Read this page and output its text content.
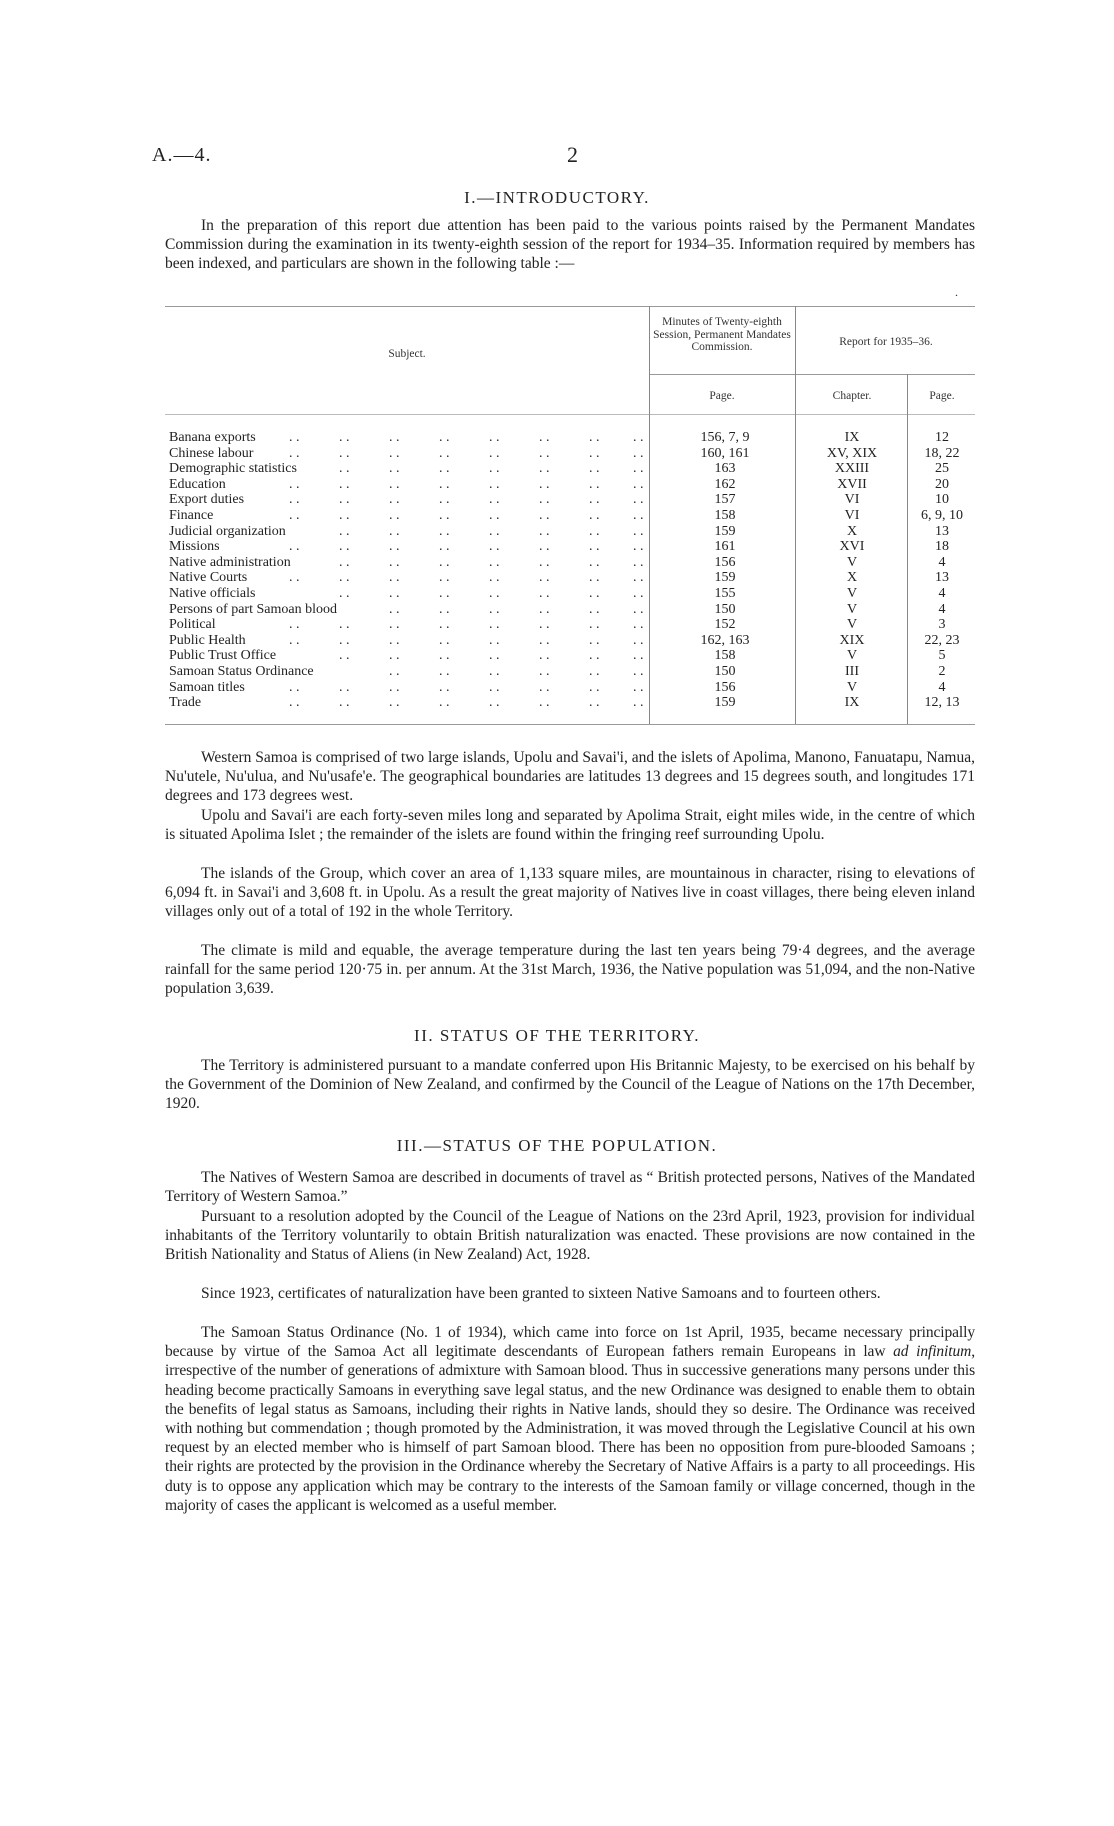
A.—4.	2
I.—INTRODUCTORY.

In the preparation of this report due attention has been paid to the various points raised by the Permanent Mandates Commission during the examination in its twenty-eighth session of the report for 1934–35. Information required by members has been indexed, and particulars are shown in the following table :—

.
Subject.
Minutes of Twenty-eighth Session, Permanent Mandates Commission.	Report for 1935–36.
Page.	Chapter.	Page.
Banana exports . .	. .	. .	. .	. .	. .	. . . .	156, 7, 9	IX	12
Chinese labour	. .	. .	. .	. .	. .	. .	. . . .	160, 161	XV, XIX	18, 22
Demographic statistics	. .	. .	. .	. .	. .	. . . .	163	XXIII	25
Education	. .	. .	. .	. .	. .	. .	. . . .	162	XVII	20
Export duties	. .	. .	. .	. .	. .	. .	. . . .	157	VI	10
Finance	. .	. .	. .	. .	. .	. .	. . . .	158	VI	6, 9, 10
Judicial organization	. .	. .	. .	. .	. .	. . . .	159	X	13
Missions	. .	. .	. .	. .	. .	. .	. . . .	161	XVI	18
Native administration	. .	. .	. .	. .	. .	. . . .	156	V	4
Native Courts	. .	. .	. .	. .	. .	. .	. . . .	159	X	13
Native officials	. .	. .	. .	. .	. .	. . . .	155	V	4
Persons of part Samoan blood	. .	. .	. .	. .	. . . .	150	V	4
Political	. .	. .	. .	. .	. .	. .	. . . .	152	V	3
Public Health	. .	. .	. .	. .	. .	. .	. . . .	162, 163	XIX	22, 23
Public Trust Office	. .	. .	. .	. .	. .	. . . .	158	V	5
Samoan Status Ordinance	. .	. .	. .	. .	. . . .	150	III	2
Samoan titles	. .	. .	. .	. .	. .	. .	. . . .	156	V	4
Trade	. .	. .	. .	. .	. .	. .	. . . .	159	IX	12, 13

Western Samoa is comprised of two large islands, Upolu and Savai'i, and the islets of Apolima, Manono, Fanuatapu, Namua, Nu'utele, Nu'ulua, and Nu'usafe'e. The geographical boundaries are latitudes 13 degrees and 15 degrees south, and longitudes 171 degrees and 173 degrees west.

Upolu and Savai'i are each forty-seven miles long and separated by Apolima Strait, eight miles wide, in the centre of which is situated Apolima Islet ; the remainder of the islets are found within the fringing reef surrounding Upolu.

The islands of the Group, which cover an area of 1,133 square miles, are mountainous in character, rising to elevations of 6,094 ft. in Savai'i and 3,608 ft. in Upolu. As a result the great majority of Natives live in coast villages, there being eleven inland villages only out of a total of 192 in the whole Territory.

The climate is mild and equable, the average temperature during the last ten years being 79·4 degrees, and the average rainfall for the same period 120·75 in. per annum. At the 31st March, 1936, the Native population was 51,094, and the non-Native population 3,639.

II. STATUS OF THE TERRITORY.

The Territory is administered pursuant to a mandate conferred upon His Britannic Majesty, to be exercised on his behalf by the Government of the Dominion of New Zealand, and confirmed by the Council of the League of Nations on the 17th December, 1920.

III.—STATUS OF THE POPULATION.

The Natives of Western Samoa are described in documents of travel as “ British protected persons, Natives of the Mandated Territory of Western Samoa.”

Pursuant to a resolution adopted by the Council of the League of Nations on the 23rd April, 1923, provision for individual inhabitants of the Territory voluntarily to obtain British naturalization was enacted. These provisions are now contained in the British Nationality and Status of Aliens (in New Zealand) Act, 1928.

Since 1923, certificates of naturalization have been granted to sixteen Native Samoans and to fourteen others.

The Samoan Status Ordinance (No. 1 of 1934), which came into force on 1st April, 1935, became necessary principally because by virtue of the Samoa Act all legitimate descendants of European fathers remain Europeans in law ad infinitum, irrespective of the number of generations of admixture with Samoan blood. Thus in successive generations many persons under this heading become practically Samoans in everything save legal status, and the new Ordinance was designed to enable them to obtain the benefits of legal status as Samoans, including their rights in Native lands, should they so desire. The Ordinance was received with nothing but commendation ; though promoted by the Administration, it was moved through the Legislative Council at his own request by an elected member who is himself of part Samoan blood. There has been no opposition from pure-blooded Samoans ; their rights are protected by the provision in the Ordinance whereby the Secretary of Native Affairs is a party to all proceedings. His duty is to oppose any application which may be contrary to the interests of the Samoan family or village concerned, though in the majority of cases the applicant is welcomed as a useful member.
